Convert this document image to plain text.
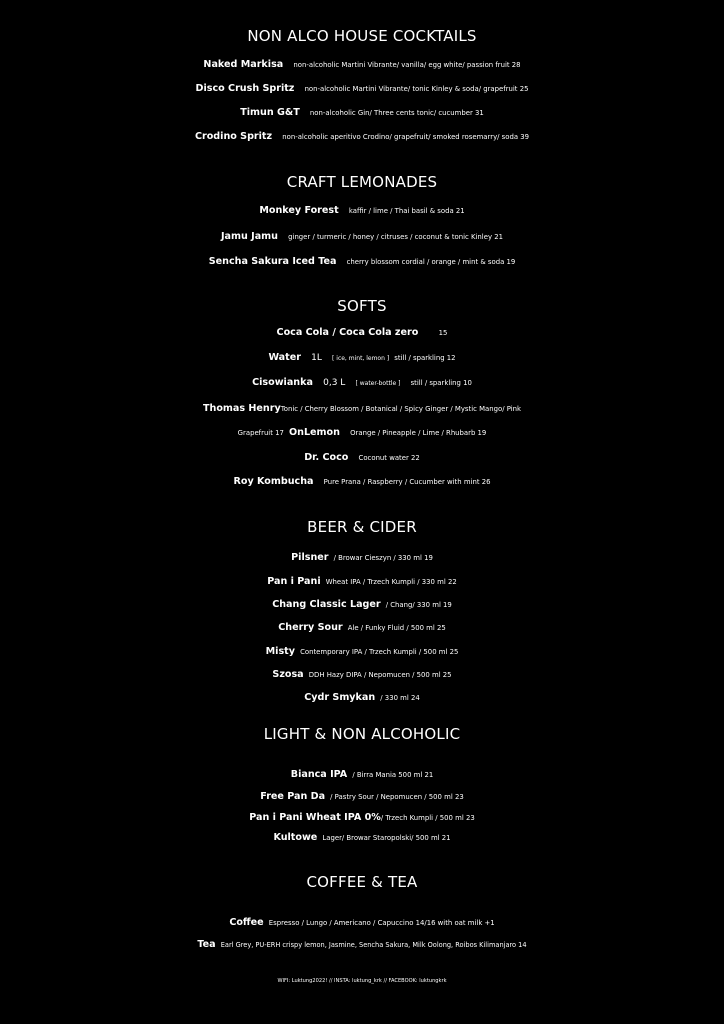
NON ALCO HOUSE COCKTAILS
Naked Markisa non-alcoholic Martini Vibrante/ vanilla/ egg white/ passion fruit 28
Disco Crush Spritz non-alcoholic Martini Vibrante/ tonic Kinley & soda/ grapefruit 25
Timun G&T non-alcoholic Gin/ Three cents tonic/ cucumber 31
Crodino Spritz non-alcoholic aperitivo Crodino/ grapefruit/ smoked rosemarry/ soda 39
CRAFT LEMONADES
Monkey Forest kaffir / lime / Thai basil & soda 21
Jamu Jamu ginger / turmeric / honey / citruses / coconut & tonic Kinley 21
Sencha Sakura Iced Tea cherry blossom cordial / orange / mint & soda 19
SOFTS
Coca Cola / Coca Cola zero	15
Water 1L [ ice, mint, lemon ] still / sparkling 12
Cisowianka 0,3 L [ water-bottle ] still / sparkling 10
Thomas HenryTonic / Cherry Blossom / Botanical / Spicy Ginger / Mystic Mango/ Pink
Grapefruit 17 OnLemon Orange / Pineapple / Lime / Rhubarb 19
Dr. Coco Coconut water 22
Roy Kombucha Pure Prana / Raspberry / Cucumber with mint 26
BEER & CIDER
Pilsner / Browar Cieszyn / 330 ml 19
Pan i Pani Wheat IPA / Trzech Kumpli / 330 ml 22
Chang Classic Lager / Chang/ 330 ml 19
Cherry Sour Ale / Funky Fluid / 500 ml 25
Misty Contemporary IPA / Trzech Kumpli / 500 ml 25
Szosa DDH Hazy DIPA / Nepomucen / 500 ml 25
Cydr Smykan / 330 ml 24
LIGHT & NON ALCOHOLIC
Bianca IPA / Birra Mania 500 ml 21
Free Pan Da / Pastry Sour / Nepomucen / 500 ml 23
Pan i Pani Wheat IPA 0%/ Trzech Kumpli / 500 ml 23
Kultowe Lager/ Browar Staropolski/ 500 ml 21
COFFEE & TEA
Coffee Espresso / Lungo / Americano / Capuccino 14/16 with oat milk +1
Tea Earl Grey, PU-ERH crispy lemon, Jasmine, Sencha Sakura, Milk Oolong, Roibos Kilimanjaro 14
WIFI: Luktung2022! // INSTA: luktung_krk // FACEBOOK: luktungkrk
